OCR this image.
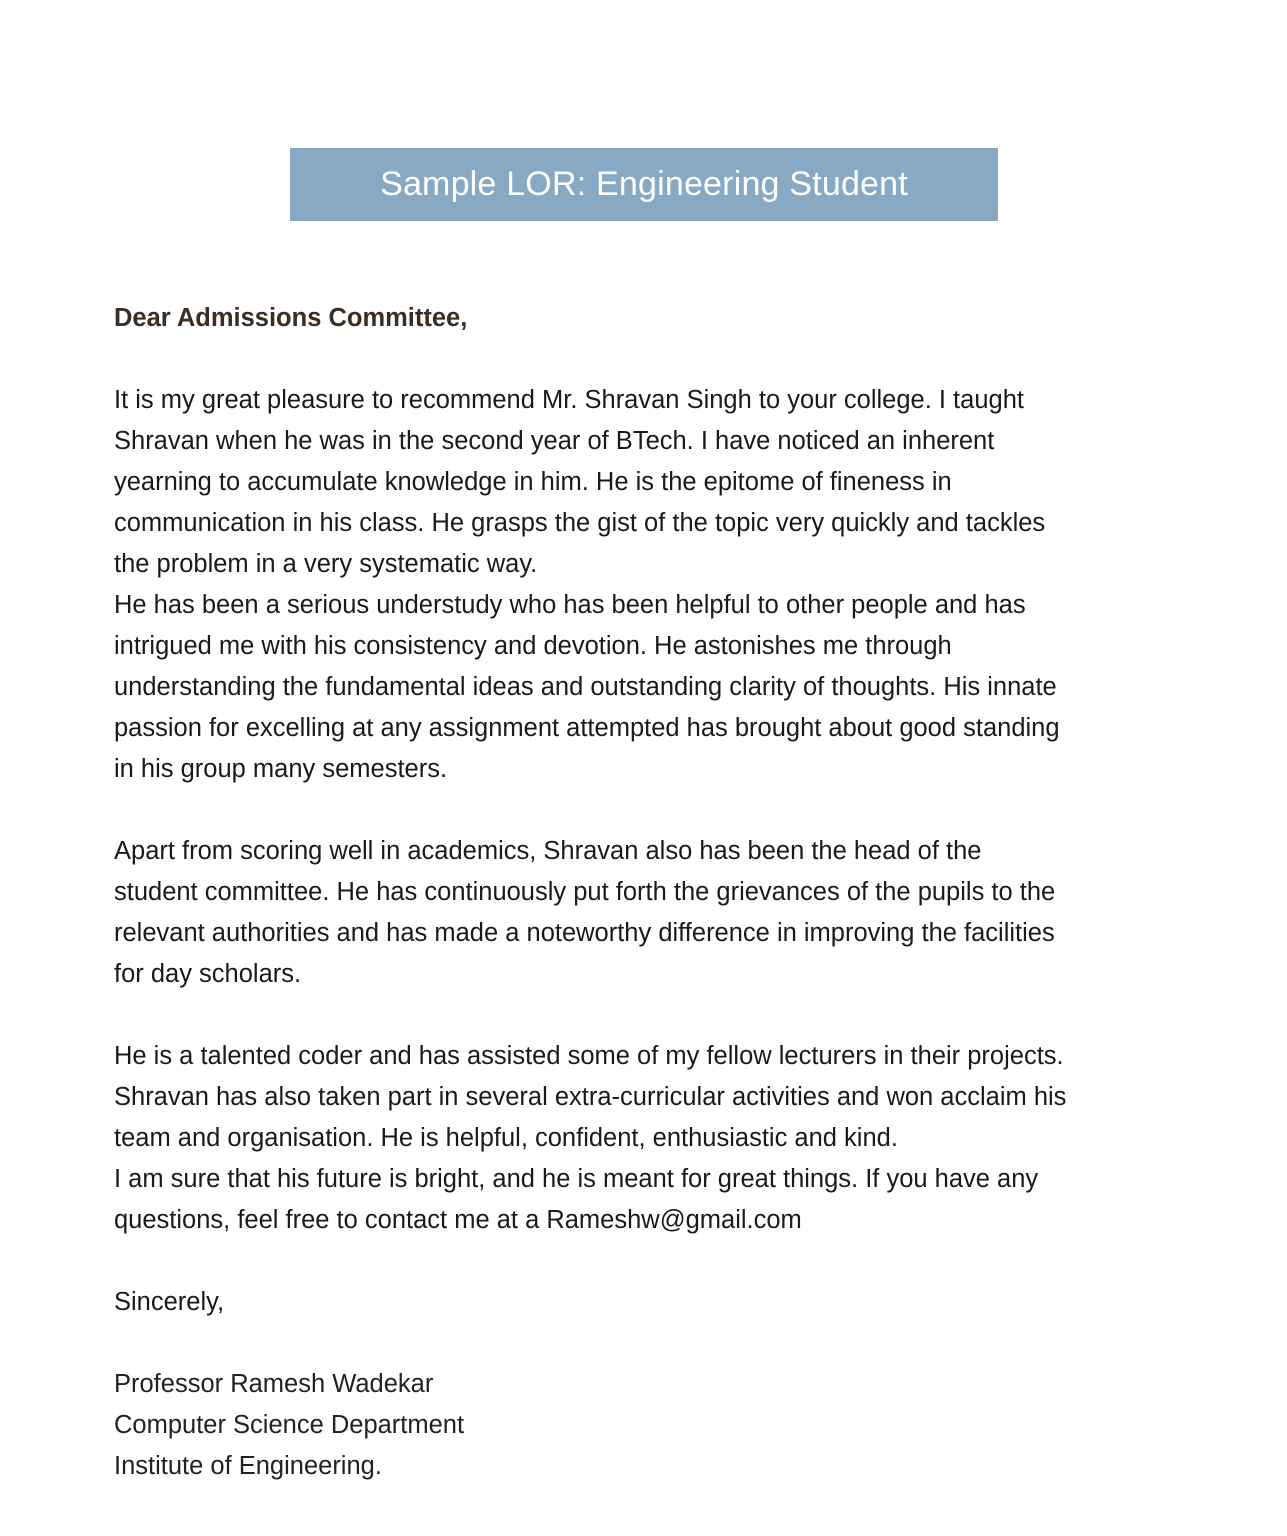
Sample LOR: Engineering Student

Dear Admissions Committee,

It is my great pleasure to recommend Mr. Shravan Singh to your college. I taught
Shravan when he was in the second year of BTech. I have noticed an inherent
yearning to accumulate knowledge in him. He is the epitome of fineness in
communication in his class. He grasps the gist of the topic very quickly and tackles
the problem in a very systematic way.

He has been a serious understudy who has been helpful to other people and has
intrigued me with his consistency and devotion. He astonishes me through
understanding the fundamental ideas and outstanding clarity of thoughts. His innate
passion for excelling at any assignment attempted has brought about good standing
in his group many semesters.

Apart from scoring well in academics, Shravan also has been the head of the
student committee. He has continuously put forth the grievances of the pupils to the
relevant authorities and has made a noteworthy difference in improving the facilities
for day scholars.

He is a talented coder and has assisted some of my fellow lecturers in their projects.
Shravan has also taken part in several extra-curricular activities and won acclaim his
team and organisation. He is helpful, confident, enthusiastic and kind.

I am sure that his future is bright, and he is meant for great things. If you have any
questions, feel free to contact me at a Rameshw@gmail.com

Sincerely,
Professor Ramesh Wadekar
Computer Science Department
Institute of Engineering.
